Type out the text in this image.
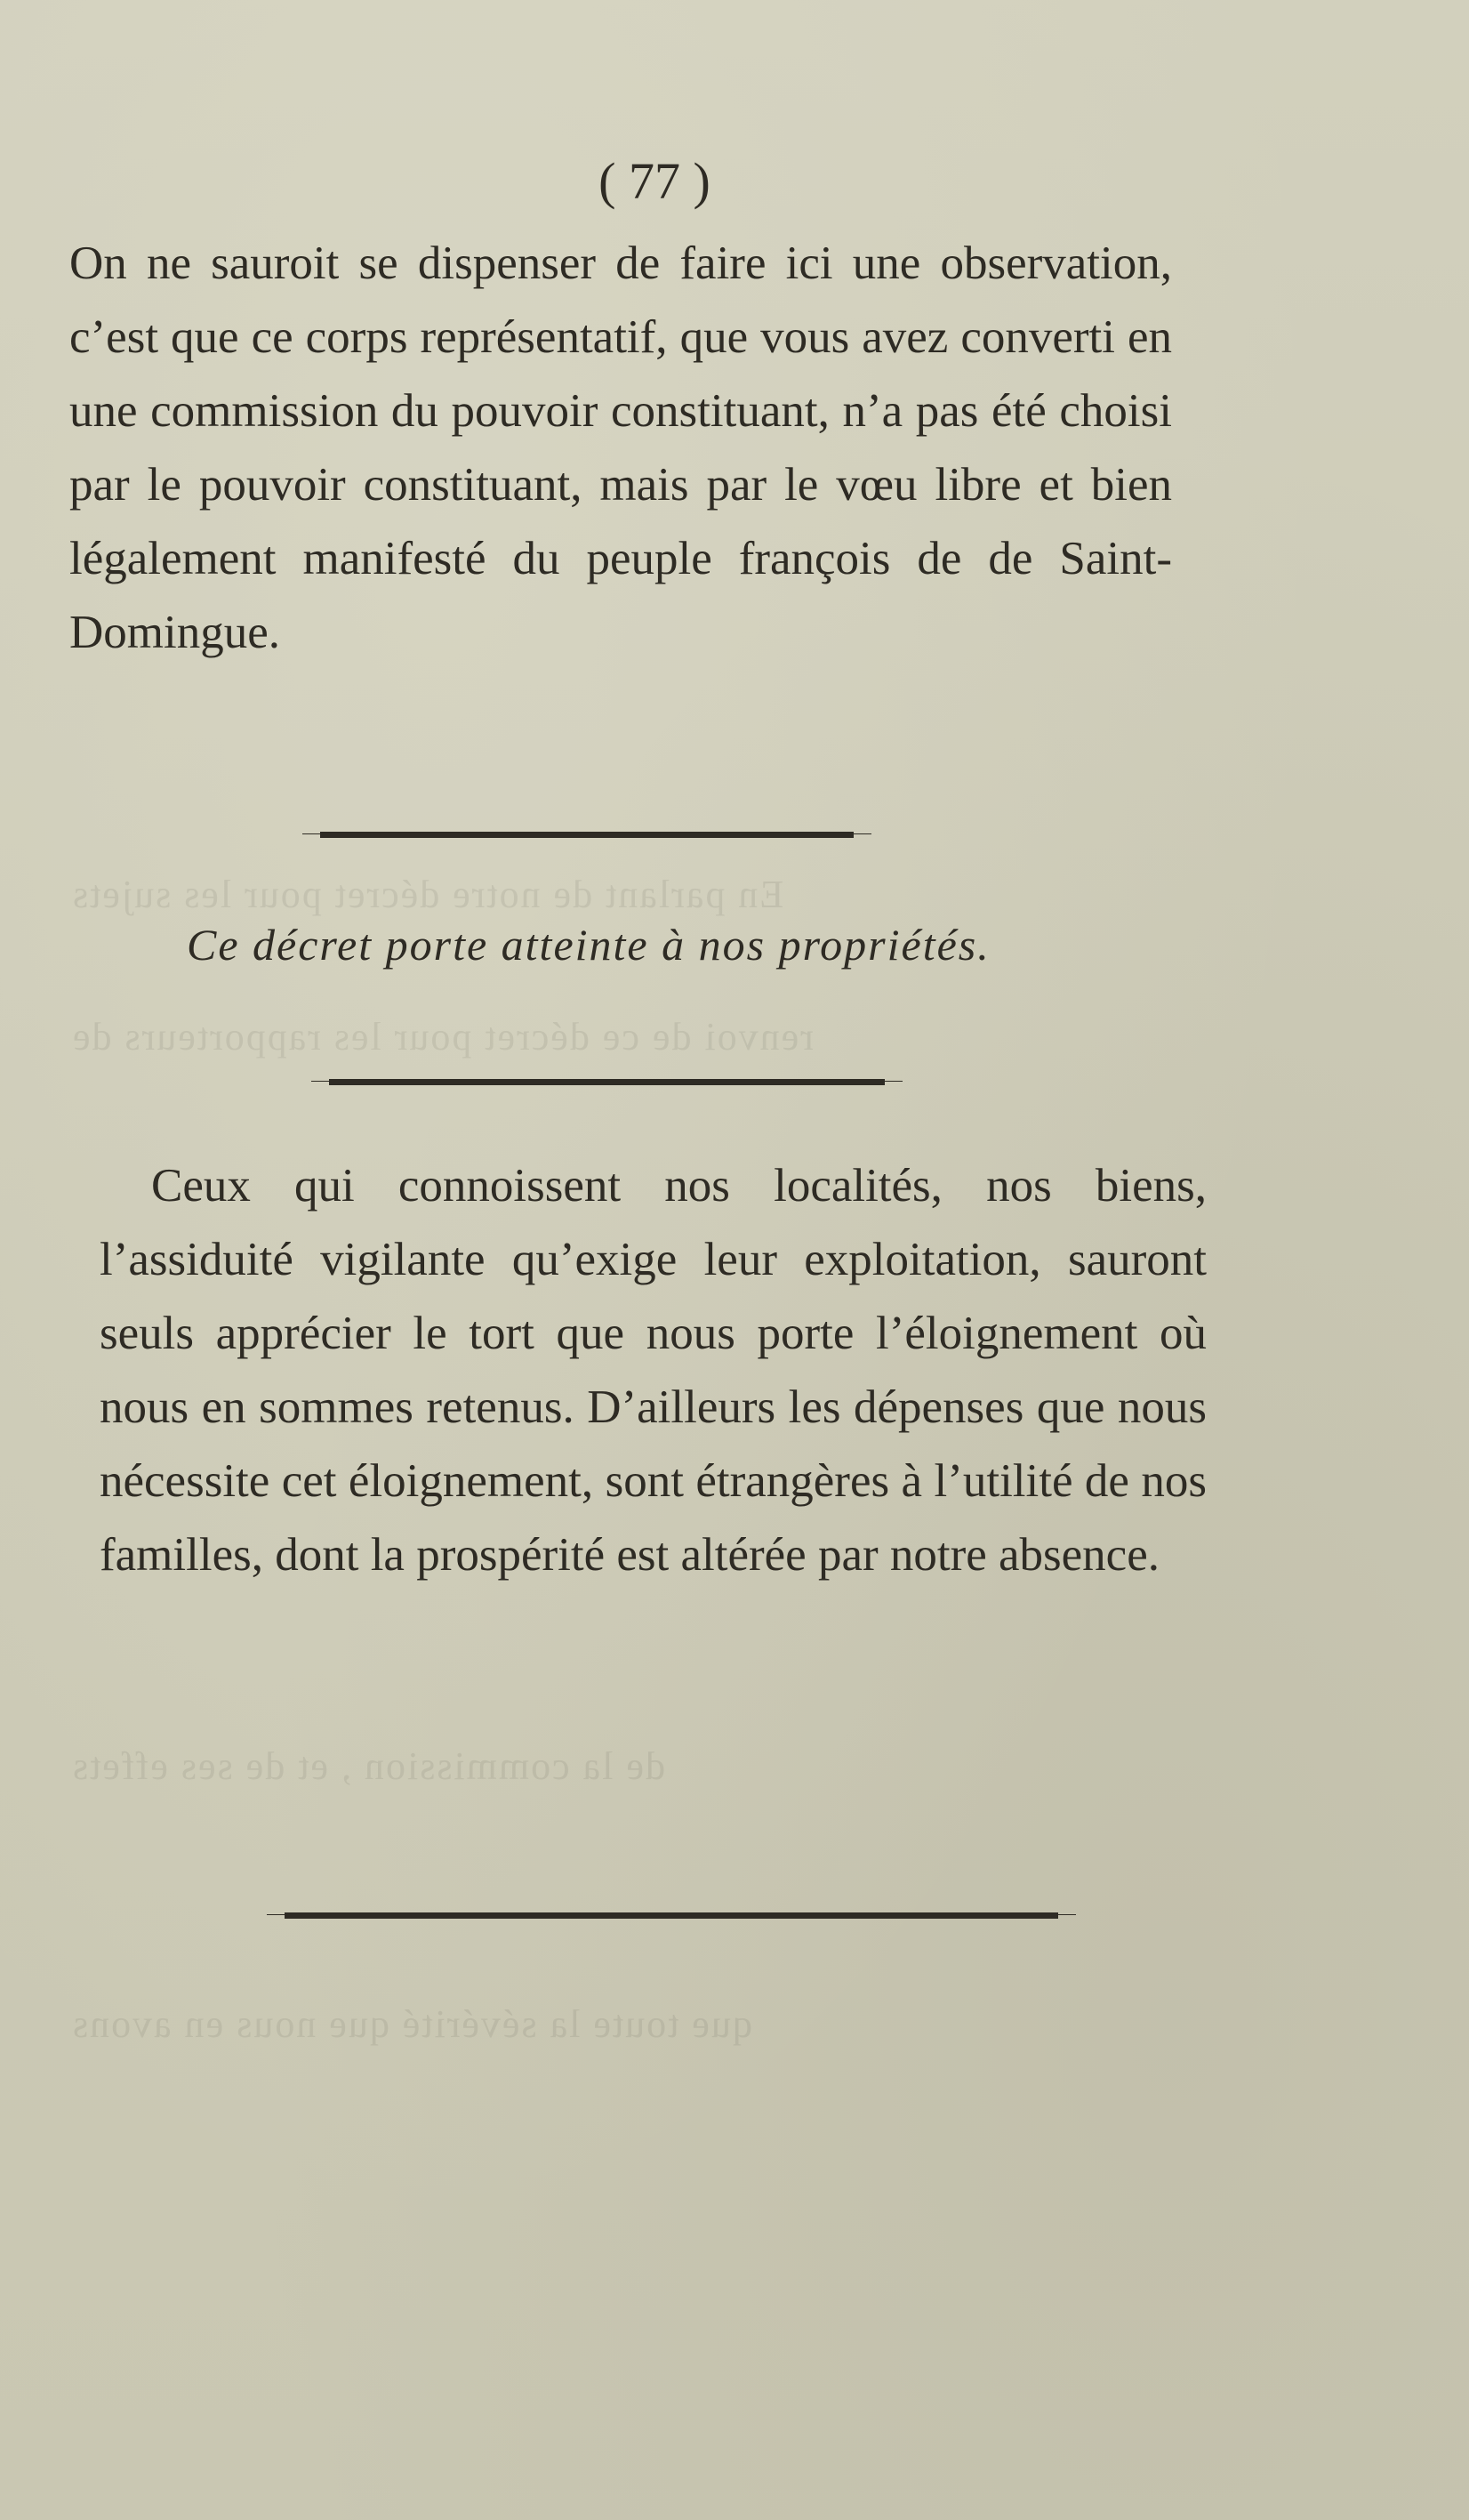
En parlant de notre décret pour les sujets
renvoi de ce décret pour les rapporteurs de
de la commission , et de ses effets
que toute la sévérité que nous en avons
( 77 )

On ne sauroit se dispenser de faire ici une observation, c’est que ce corps représentatif, que vous avez converti en une commission du pouvoir constituant, n’a pas été choisi par le pouvoir constituant, mais par le vœu libre et bien légalement manifesté du peuple françois de de Saint-Domingue.

Ce décret porte atteinte à nos propriétés.

Ceux qui connoissent nos localités, nos biens, l’assiduité vigilante qu’exige leur exploitation, sauront seuls apprécier le tort que nous porte l’éloignement où nous en sommes retenus. D’ailleurs les dépenses que nous nécessite cet éloignement, sont étrangères à l’utilité de nos familles, dont la prospérité est altérée par notre absence.
